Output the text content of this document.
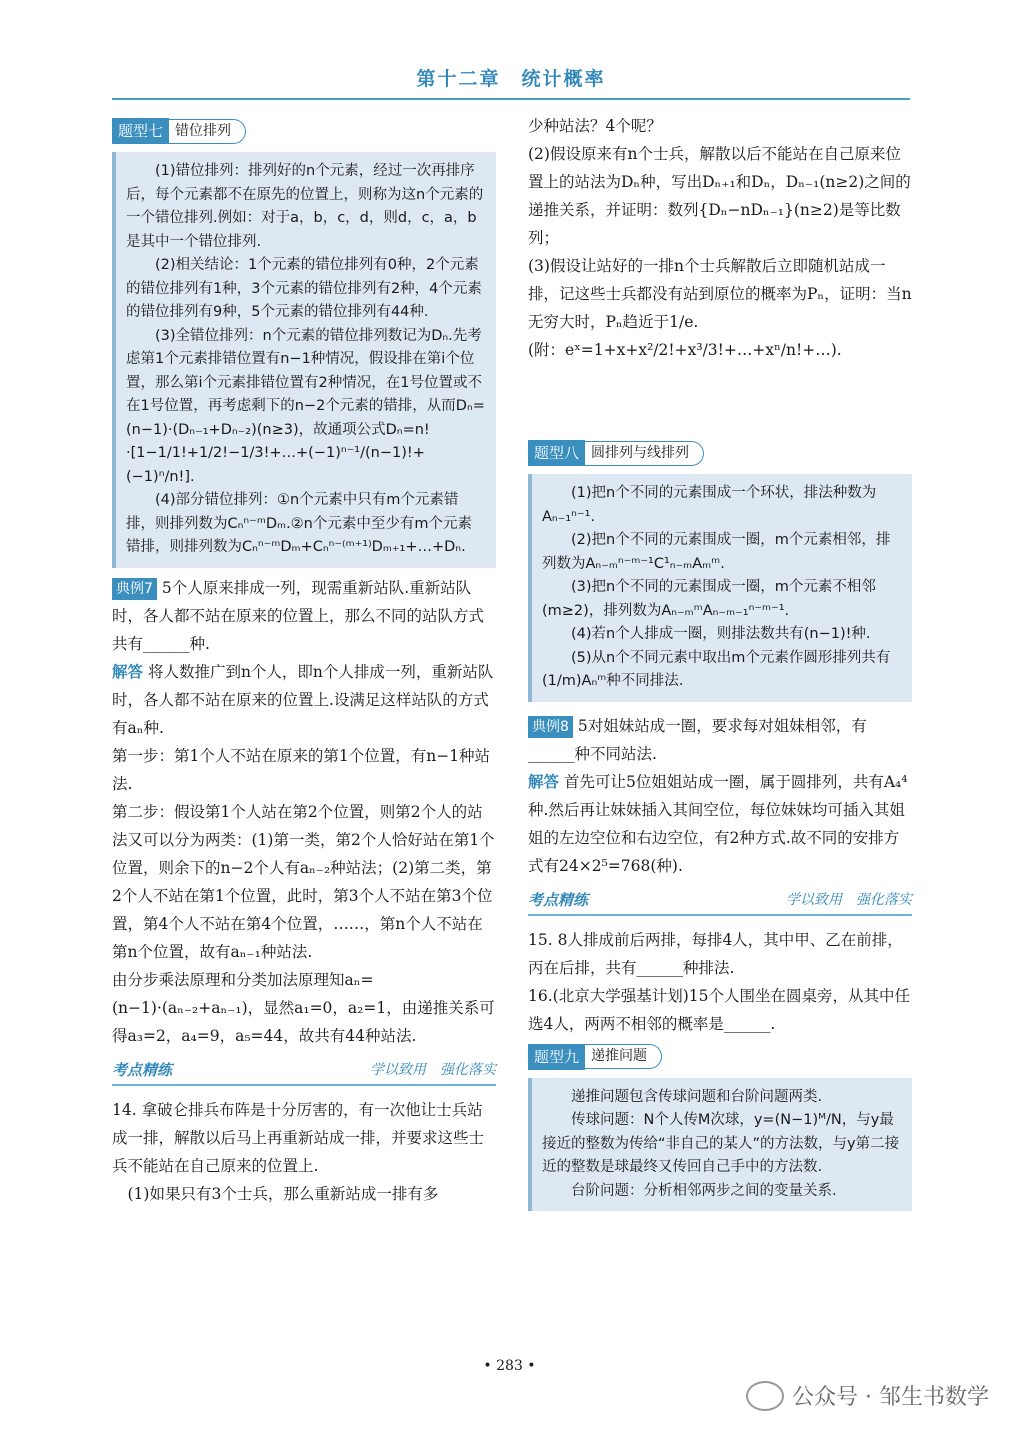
第十二章　统计概率
题型七 错位排列

(1)错位排列：排列好的n个元素，经过一次再排序后，每个元素都不在原先的位置上，则称为这n个元素的一个错位排列.例如：对于a，b，c，d，则d，c，a，b是其中一个错位排列.

(2)相关结论：1个元素的错位排列有0种，2个元素的错位排列有1种，3个元素的错位排列有2种，4个元素的错位排列有9种，5个元素的错位排列有44种.

(3)全错位排列：n个元素的错位排列数记为Dₙ.先考虑第1个元素排错位置有n−1种情况，假设排在第i个位置，那么第i个元素排错位置有2种情况，在1号位置或不在1号位置，再考虑剩下的n−2个元素的错排，从而Dₙ=(n−1)·(Dₙ₋₁+Dₙ₋₂)(n≥3)，故通项公式Dₙ=n!·[1−1/1!+1/2!−1/3!+…+(−1)ⁿ⁻¹/(n−1)!+(−1)ⁿ/n!].

(4)部分错位排列：①n个元素中只有m个元素错排，则排列数为Cₙⁿ⁻ᵐDₘ.②n个元素中至少有m个元素错排，则排列数为Cₙⁿ⁻ᵐDₘ+Cₙⁿ⁻⁽ᵐ⁺¹⁾Dₘ₊₁+…+Dₙ.

典例7 5个人原来排成一列，现需重新站队.重新站队时，各人都不站在原来的位置上，那么不同的站队方式共有______种.

解答 将人数推广到n个人，即n个人排成一列，重新站队时，各人都不站在原来的位置上.设满足这样站队的方式有aₙ种.

第一步：第1个人不站在原来的第1个位置，有n−1种站法.

第二步：假设第1个人站在第2个位置，则第2个人的站法又可以分为两类：(1)第一类，第2个人恰好站在第1个位置，则余下的n−2个人有aₙ₋₂种站法；(2)第二类，第2个人不站在第1个位置，此时，第3个人不站在第3个位置，第4个人不站在第4个位置，……，第n个人不站在第n个位置，故有aₙ₋₁种站法.

由分步乘法原理和分类加法原理知aₙ=(n−1)·(aₙ₋₂+aₙ₋₁)，显然a₁=0，a₂=1，由递推关系可得a₃=2，a₄=9，a₅=44，故共有44种站法.

考点精练	学以致用　强化落实

14. 拿破仑排兵布阵是十分厉害的，有一次他让士兵站成一排，解散以后马上再重新站成一排，并要求这些士兵不能站在自己原来的位置上.

(1)如果只有3个士兵，那么重新站成一排有多

少种站法？4个呢？

(2)假设原来有n个士兵，解散以后不能站在自己原来位置上的站法为Dₙ种，写出Dₙ₊₁和Dₙ，Dₙ₋₁(n≥2)之间的递推关系，并证明：数列{Dₙ−nDₙ₋₁}(n≥2)是等比数列；

(3)假设让站好的一排n个士兵解散后立即随机站成一排，记这些士兵都没有站到原位的概率为Pₙ，证明：当n无穷大时，Pₙ趋近于1/e.

(附：eˣ=1+x+x²/2!+x³/3!+…+xⁿ/n!+…).

题型八 圆排列与线排列

(1)把n个不同的元素围成一个环状，排法种数为Aₙ₋₁ⁿ⁻¹.

(2)把n个不同的元素围成一圈，m个元素相邻，排列数为Aₙ₋ₘⁿ⁻ᵐ⁻¹C¹ₙ₋ₘAₘᵐ.

(3)把n个不同的元素围成一圈，m个元素不相邻(m≥2)，排列数为Aₙ₋ₘᵐAₙ₋ₘ₋₁ⁿ⁻ᵐ⁻¹.

(4)若n个人排成一圈，则排法数共有(n−1)!种.

(5)从n个不同元素中取出m个元素作圆形排列共有(1/m)Aₙᵐ种不同排法.

典例8 5对姐妹站成一圈，要求每对姐妹相邻，有______种不同站法.

解答 首先可让5位姐姐站成一圈，属于圆排列，共有A₄⁴种.然后再让妹妹插入其间空位，每位妹妹均可插入其姐姐的左边空位和右边空位，有2种方式.故不同的安排方式有24×2⁵=768(种).

考点精练	学以致用　强化落实

15. 8人排成前后两排，每排4人，其中甲、乙在前排，丙在后排，共有______种排法.

16.(北京大学强基计划)15个人围坐在圆桌旁，从其中任选4人，两两不相邻的概率是______.

题型九 递推问题

递推问题包含传球问题和台阶问题两类.

传球问题：N个人传M次球，y=(N−1)ᴹ/N，与y最接近的整数为传给“非自己的某人”的方法数，与y第二接近的整数是球最终又传回自己手中的方法数.

台阶问题：分析相邻两步之间的变量关系.

• 283 •
公众号 · 邹生书数学
